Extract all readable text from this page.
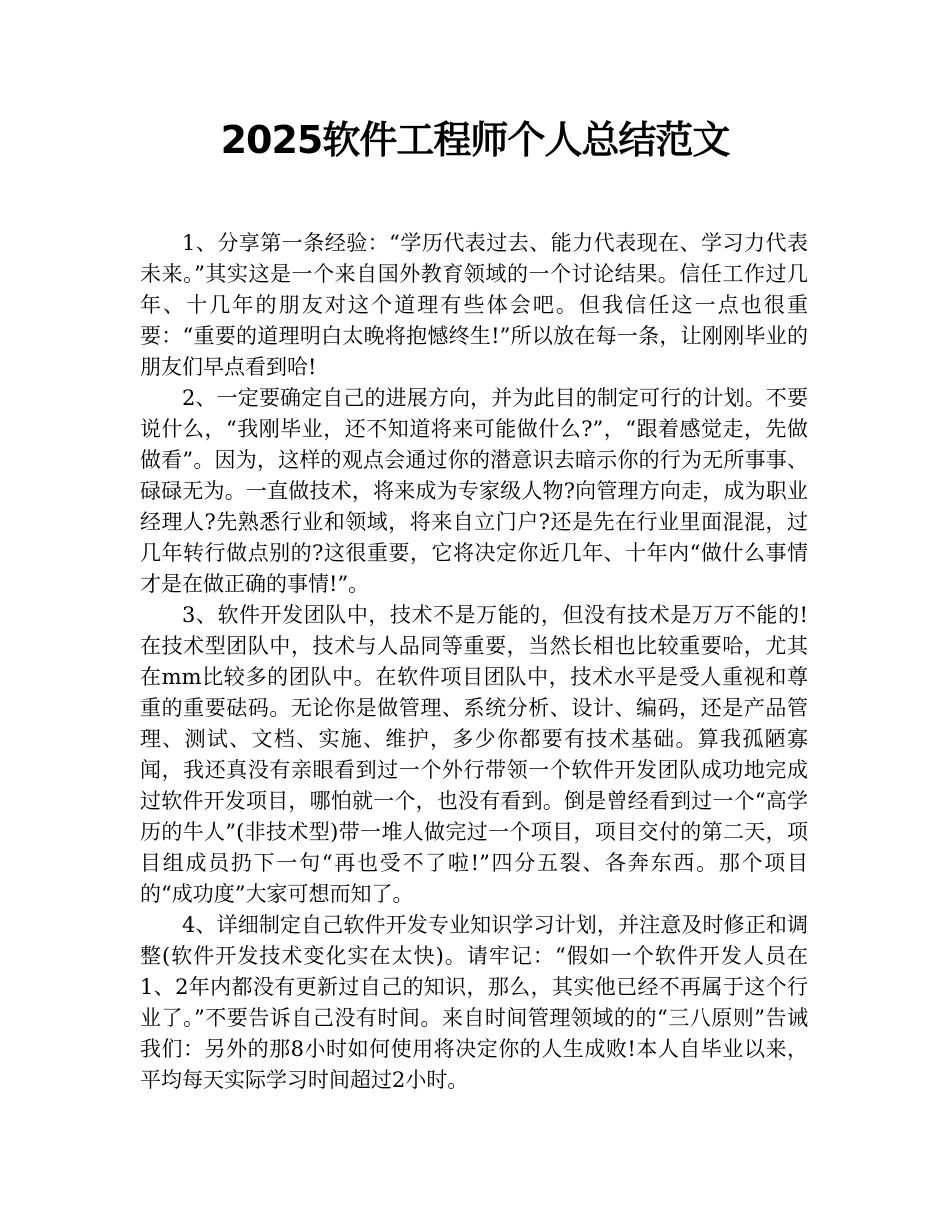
2025软件工程师个人总结范文

1、分享第一条经验：“学历代表过去、能力代表现在、学习力代表未来。”其实这是一个来自国外教育领域的一个讨论结果。信任工作过几年、十几年的朋友对这个道理有些体会吧。但我信任这一点也很重要：“重要的道理明白太晚将抱憾终生!”所以放在每一条，让刚刚毕业的朋友们早点看到哈!

2、一定要确定自己的进展方向，并为此目的制定可行的计划。不要说什么，“我刚毕业，还不知道将来可能做什么?”，“跟着感觉走，先做做看”。因为，这样的观点会通过你的潜意识去暗示你的行为无所事事、碌碌无为。一直做技术，将来成为专家级人物?向管理方向走，成为职业经理人?先熟悉行业和领域，将来自立门户?还是先在行业里面混混，过几年转行做点别的?这很重要，它将决定你近几年、十年内“做什么事情才是在做正确的事情!”。

3、软件开发团队中，技术不是万能的，但没有技术是万万不能的!在技术型团队中，技术与人品同等重要，当然长相也比较重要哈，尤其在mm比较多的团队中。在软件项目团队中，技术水平是受人重视和尊重的重要砝码。无论你是做管理、系统分析、设计、编码，还是产品管理、测试、文档、实施、维护，多少你都要有技术基础。算我孤陋寡闻，我还真没有亲眼看到过一个外行带领一个软件开发团队成功地完成过软件开发项目，哪怕就一个，也没有看到。倒是曾经看到过一个“高学历的牛人”(非技术型)带一堆人做完过一个项目，项目交付的第二天，项目组成员扔下一句“再也受不了啦!”四分五裂、各奔东西。那个项目的“成功度”大家可想而知了。

4、详细制定自己软件开发专业知识学习计划，并注意及时修正和调整(软件开发技术变化实在太快)。请牢记：“假如一个软件开发人员在1、2年内都没有更新过自己的知识，那么，其实他已经不再属于这个行业了。”不要告诉自己没有时间。来自时间管理领域的的“三八原则”告诫我们：另外的那8小时如何使用将决定你的人生成败!本人自毕业以来，平均每天实际学习时间超过2小时。
